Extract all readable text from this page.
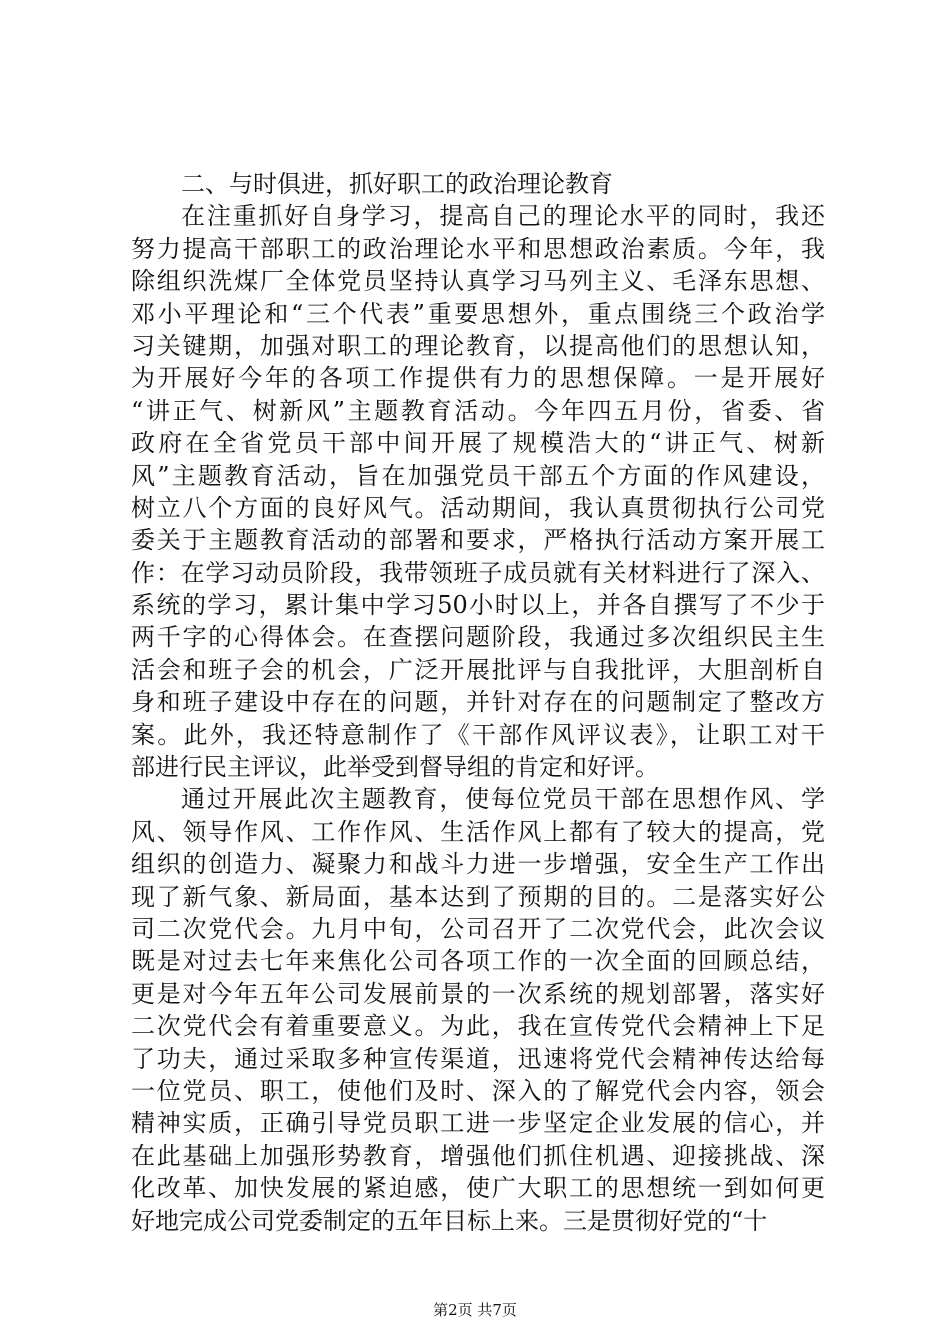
二、与时俱进，抓好职工的政治理论教育
在注重抓好自身学习，提高自己的理论水平的同时，我还
努力提高干部职工的政治理论水平和思想政治素质。今年，我
除组织洗煤厂全体党员坚持认真学习马列主义、毛泽东思想、
邓小平理论和“三个代表”重要思想外，重点围绕三个政治学
习关键期，加强对职工的理论教育，以提高他们的思想认知，
为开展好今年的各项工作提供有力的思想保障。一是开展好
“讲正气、树新风”主题教育活动。今年四五月份，省委、省
政府在全省党员干部中间开展了规模浩大的“讲正气、树新
风”主题教育活动，旨在加强党员干部五个方面的作风建设，
树立八个方面的良好风气。活动期间，我认真贯彻执行公司党
委关于主题教育活动的部署和要求，严格执行活动方案开展工
作：在学习动员阶段，我带领班子成员就有关材料进行了深入、
系统的学习，累计集中学习50小时以上，并各自撰写了不少于
两千字的心得体会。在查摆问题阶段，我通过多次组织民主生
活会和班子会的机会，广泛开展批评与自我批评，大胆剖析自
身和班子建设中存在的问题，并针对存在的问题制定了整改方
案。此外，我还特意制作了《干部作风评议表》，让职工对干
部进行民主评议，此举受到督导组的肯定和好评。
通过开展此次主题教育，使每位党员干部在思想作风、学
风、领导作风、工作作风、生活作风上都有了较大的提高，党
组织的创造力、凝聚力和战斗力进一步增强，安全生产工作出
现了新气象、新局面，基本达到了预期的目的。二是落实好公
司二次党代会。九月中旬，公司召开了二次党代会，此次会议
既是对过去七年来焦化公司各项工作的一次全面的回顾总结，
更是对今年五年公司发展前景的一次系统的规划部署，落实好
二次党代会有着重要意义。为此，我在宣传党代会精神上下足
了功夫，通过采取多种宣传渠道，迅速将党代会精神传达给每
一位党员、职工，使他们及时、深入的了解党代会内容，领会
精神实质，正确引导党员职工进一步坚定企业发展的信心，并
在此基础上加强形势教育，增强他们抓住机遇、迎接挑战、深
化改革、加快发展的紧迫感，使广大职工的思想统一到如何更
好地完成公司党委制定的五年目标上来。三是贯彻好党的“十
第2页 共7页
